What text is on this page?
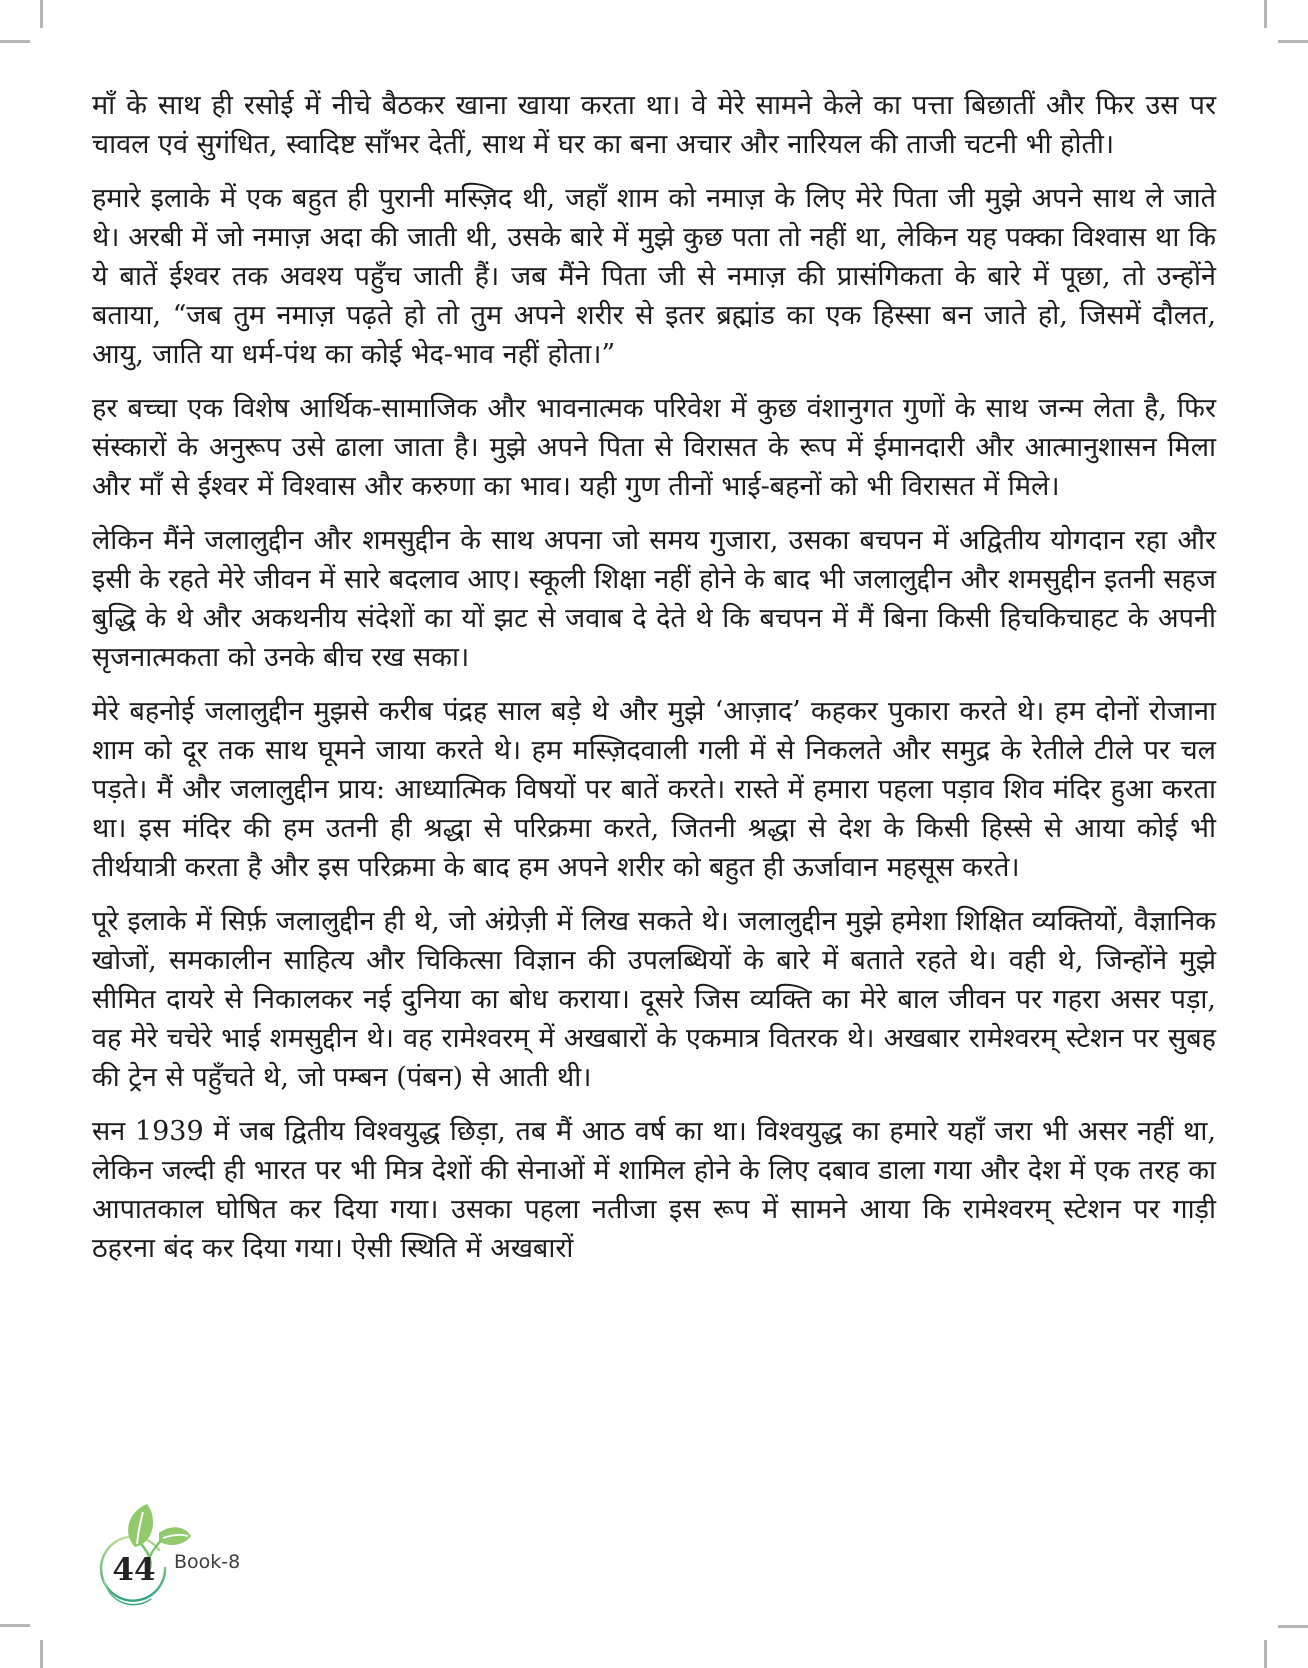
माँ के साथ ही रसोई में नीचे बैठकर खाना खाया करता था। वे मेरे सामने केले का पत्ता बिछातीं और फिर उस पर चावल एवं सुगंधित, स्वादिष्ट साँभर देतीं, साथ में घर का बना अचार और नारियल की ताजी चटनी भी होती।

हमारे इलाके में एक बहुत ही पुरानी मस्ज़िद थी, जहाँ शाम को नमाज़ के लिए मेरे पिता जी मुझे अपने साथ ले जाते थे। अरबी में जो नमाज़ अदा की जाती थी, उसके बारे में मुझे कुछ पता तो नहीं था, लेकिन यह पक्का विश्वास था कि ये बातें ईश्वर तक अवश्य पहुँच जाती हैं। जब मैंने पिता जी से नमाज़ की प्रासंगिकता के बारे में पूछा, तो उन्होंने बताया, “जब तुम नमाज़ पढ़ते हो तो तुम अपने शरीर से इतर ब्रह्मांड का एक हिस्सा बन जाते हो, जिसमें दौलत, आयु, जाति या धर्म-पंथ का कोई भेद-भाव नहीं होता।”

हर बच्चा एक विशेष आर्थिक-सामाजिक और भावनात्मक परिवेश में कुछ वंशानुगत गुणों के साथ जन्म लेता है, फिर संस्कारों के अनुरूप उसे ढाला जाता है। मुझे अपने पिता से विरासत के रूप में ईमानदारी और आत्मानुशासन मिला और माँ से ईश्वर में विश्वास और करुणा का भाव। यही गुण तीनों भाई-बहनों को भी विरासत में मिले।

लेकिन मैंने जलालुद्दीन और शमसुद्दीन के साथ अपना जो समय गुजारा, उसका बचपन में अद्वितीय योगदान रहा और इसी के रहते मेरे जीवन में सारे बदलाव आए। स्कूली शिक्षा नहीं होने के बाद भी जलालुद्दीन और शमसुद्दीन इतनी सहज बुद्धि के थे और अकथनीय संदेशों का यों झट से जवाब दे देते थे कि बचपन में मैं बिना किसी हिचकिचाहट के अपनी सृजनात्मकता को उनके बीच रख सका।

मेरे बहनोई जलालुद्दीन मुझसे करीब पंद्रह साल बड़े थे और मुझे ‘आज़ाद’ कहकर पुकारा करते थे। हम दोनों रोजाना शाम को दूर तक साथ घूमने जाया करते थे। हम मस्ज़िदवाली गली में से निकलते और समुद्र के रेतीले टीले पर चल पड़ते। मैं और जलालुद्दीन प्राय: आध्यात्मिक विषयों पर बातें करते। रास्ते में हमारा पहला पड़ाव शिव मंदिर हुआ करता था। इस मंदिर की हम उतनी ही श्रद्धा से परिक्रमा करते, जितनी श्रद्धा से देश के किसी हिस्से से आया कोई भी तीर्थयात्री करता है और इस परिक्रमा के बाद हम अपने शरीर को बहुत ही ऊर्जावान महसूस करते।

पूरे इलाके में सिर्फ़ जलालुद्दीन ही थे, जो अंग्रेज़ी में लिख सकते थे। जलालुद्दीन मुझे हमेशा शिक्षित व्यक्तियों, वैज्ञानिक खोजों, समकालीन साहित्य और चिकित्सा विज्ञान की उपलब्धियों के बारे में बताते रहते थे। वही थे, जिन्होंने मुझे सीमित दायरे से निकालकर नई दुनिया का बोध कराया। दूसरे जिस व्यक्ति का मेरे बाल जीवन पर गहरा असर पड़ा, वह मेरे चचेरे भाई शमसुद्दीन थे। वह रामेश्वरम् में अखबारों के एकमात्र वितरक थे। अखबार रामेश्वरम् स्टेशन पर सुबह की ट्रेन से पहुँचते थे, जो पम्बन (पंबन) से आती थी।

सन 1939 में जब द्वितीय विश्वयुद्ध छिड़ा, तब मैं आठ वर्ष का था। विश्वयुद्ध का हमारे यहाँ जरा भी असर नहीं था, लेकिन जल्दी ही भारत पर भी मित्र देशों की सेनाओं में शामिल होने के लिए दबाव डाला गया और देश में एक तरह का आपातकाल घोषित कर दिया गया। उसका पहला नतीजा इस रूप में सामने आया कि रामेश्वरम् स्टेशन पर गाड़ी ठहरना बंद कर दिया गया। ऐसी स्थिति में अखबारों

44 Book-8
